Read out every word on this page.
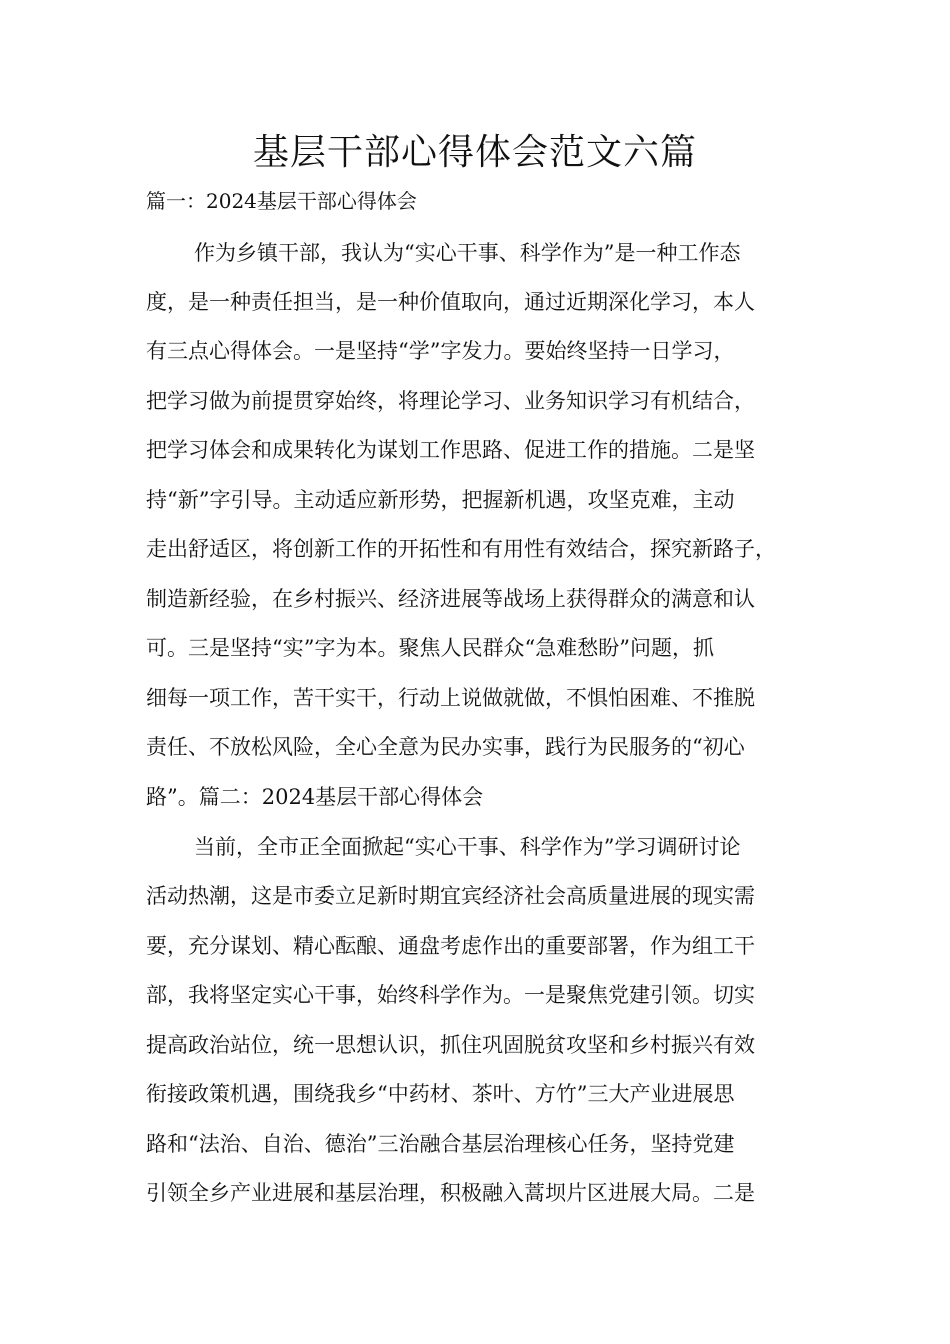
基层干部心得体会范文六篇

篇一：2024基层干部心得体会

作为乡镇干部，我认为“实心干事、科学作为”是一种工作态

度，是一种责任担当，是一种价值取向，通过近期深化学习，本人

有三点心得体会。一是坚持“学”字发力。要始终坚持一日学习，

把学习做为前提贯穿始终，将理论学习、业务知识学习有机结合，

把学习体会和成果转化为谋划工作思路、促进工作的措施。二是坚

持“新”字引导。主动适应新形势，把握新机遇，攻坚克难，主动

走出舒适区，将创新工作的开拓性和有用性有效结合，探究新路子，

制造新经验，在乡村振兴、经济进展等战场上获得群众的满意和认

可。三是坚持“实”字为本。聚焦人民群众“急难愁盼”问题，抓

细每一项工作，苦干实干，行动上说做就做，不惧怕困难、不推脱

责任、不放松风险，全心全意为民办实事，践行为民服务的“初心

路”。篇二：2024基层干部心得体会

当前，全市正全面掀起“实心干事、科学作为”学习调研讨论

活动热潮，这是市委立足新时期宜宾经济社会高质量进展的现实需

要，充分谋划、精心酝酿、通盘考虑作出的重要部署，作为组工干

部，我将坚定实心干事，始终科学作为。一是聚焦党建引领。切实

提高政治站位，统一思想认识，抓住巩固脱贫攻坚和乡村振兴有效

衔接政策机遇，围绕我乡“中药材、茶叶、方竹”三大产业进展思

路和“法治、自治、德治”三治融合基层治理核心任务，坚持党建

引领全乡产业进展和基层治理，积极融入蒿坝片区进展大局。二是
